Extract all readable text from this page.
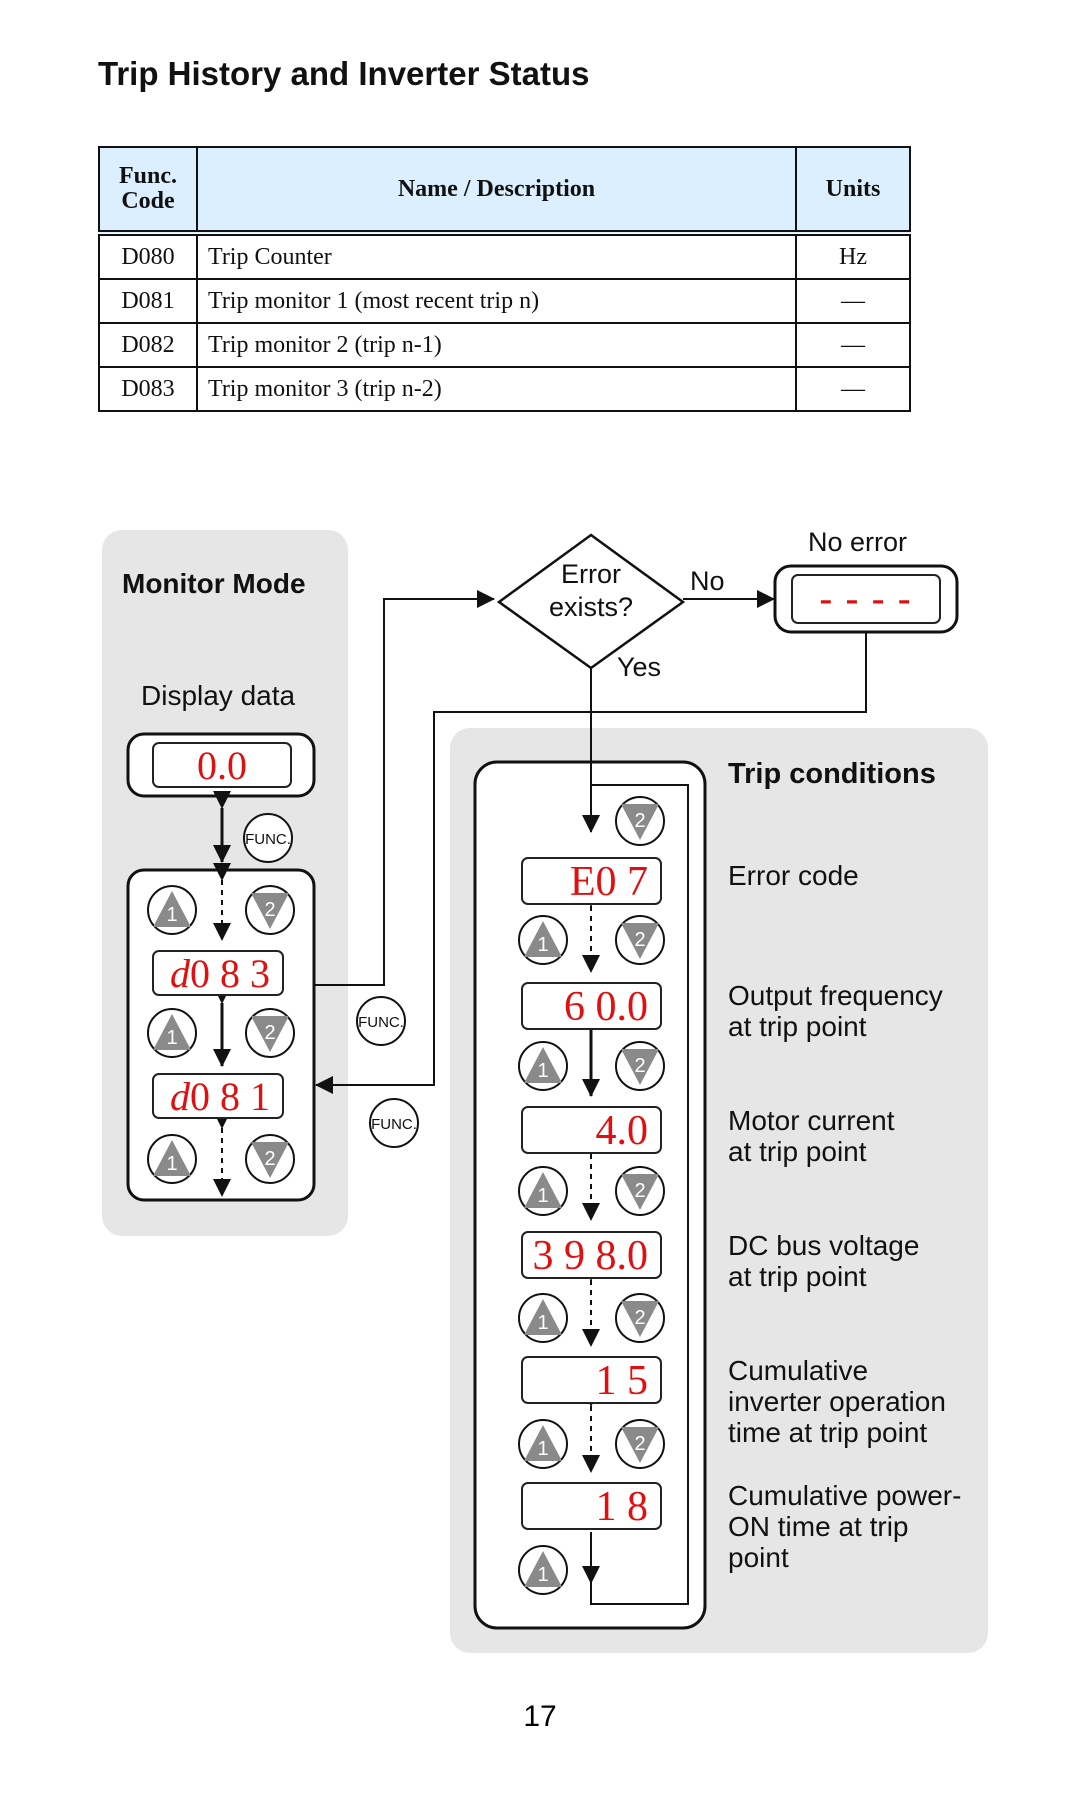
Trip History and Inverter Status
Func.
Code	Name / Description	Units
D080	Trip Counter	Hz
D081	Trip monitor 1 (most recent trip n)	—
D082	Trip monitor 2 (trip n-1)	—
D083	Trip monitor 3 (trip n-2)	—
Error
exists?
No
Yes
No error
- - - -
Monitor Mode
Display data
0.0
d0 8 3
d0 8 1
FUNC.
FUNC.
FUNC.
1	2
1	2
1	2
Trip conditions
2
E0 7
6 0.0
4.0
3 9 8.0
1 5
1 8
Error code
Output frequency
at trip point
Motor current
at trip point
DC bus voltage
at trip point
Cumulative
inverter operation
time at trip point
Cumulative power-
ON time at trip
point
1	2
1	2
1	2
1	2
1	2
1
17
